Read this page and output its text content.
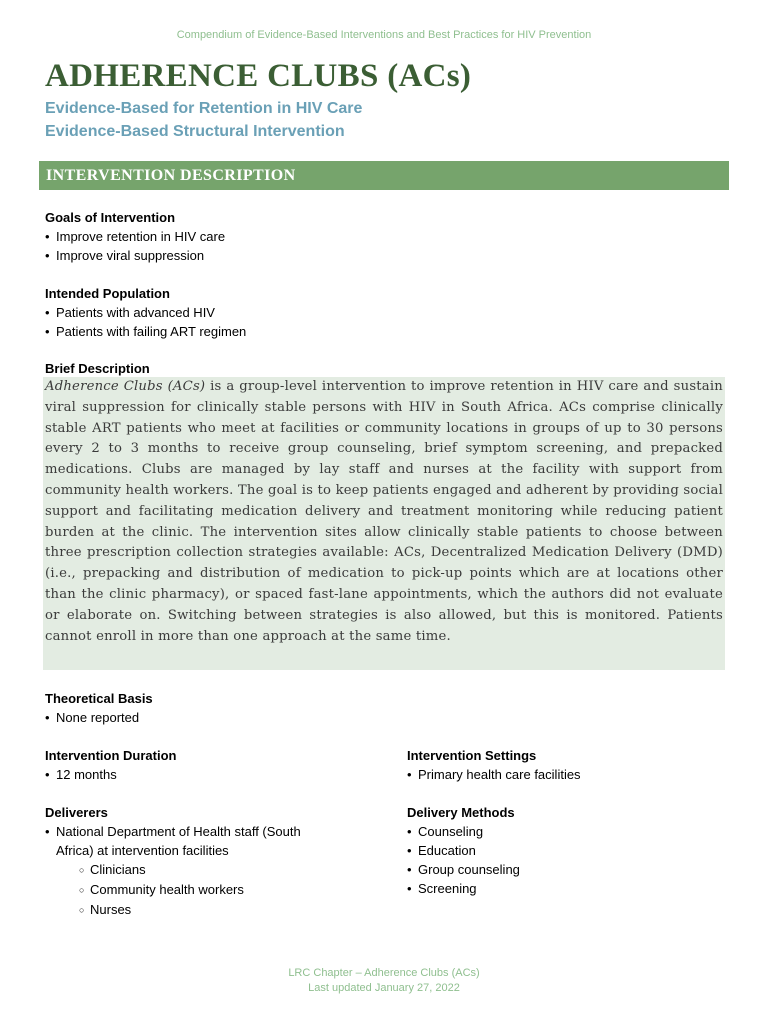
Compendium of Evidence-Based Interventions and Best Practices for HIV Prevention
ADHERENCE CLUBS (ACs)
Evidence-Based for Retention in HIV Care
Evidence-Based Structural Intervention
INTERVENTION DESCRIPTION
Goals of Intervention
• Improve retention in HIV care
• Improve viral suppression
Intended Population
• Patients with advanced HIV
• Patients with failing ART regimen
Brief Description
Adherence Clubs (ACs) is a group-level intervention to improve retention in HIV care and sustain viral suppression for clinically stable persons with HIV in South Africa. ACs comprise clinically stable ART patients who meet at facilities or community locations in groups of up to 30 persons every 2 to 3 months to receive group counseling, brief symptom screening, and prepacked medications. Clubs are managed by lay staff and nurses at the facility with support from community health workers. The goal is to keep patients engaged and adherent by providing social support and facilitating medication delivery and treatment monitoring while reducing patient burden at the clinic. The intervention sites allow clinically stable patients to choose between three prescription collection strategies available: ACs, Decentralized Medication Delivery (DMD) (i.e., prepacking and distribution of medication to pick-up points which are at locations other than the clinic pharmacy), or spaced fast-lane appointments, which the authors did not evaluate or elaborate on. Switching between strategies is also allowed, but this is monitored. Patients cannot enroll in more than one approach at the same time.
Theoretical Basis
• None reported
Intervention Duration
• 12 months
Intervention Settings
• Primary health care facilities
Deliverers
• National Department of Health staff (South
Africa) at intervention facilities
○ Clinicians
○ Community health workers
○ Nurses
Delivery Methods
• Counseling
• Education
• Group counseling
• Screening
LRC Chapter – Adherence Clubs (ACs)
Last updated January 27, 2022
